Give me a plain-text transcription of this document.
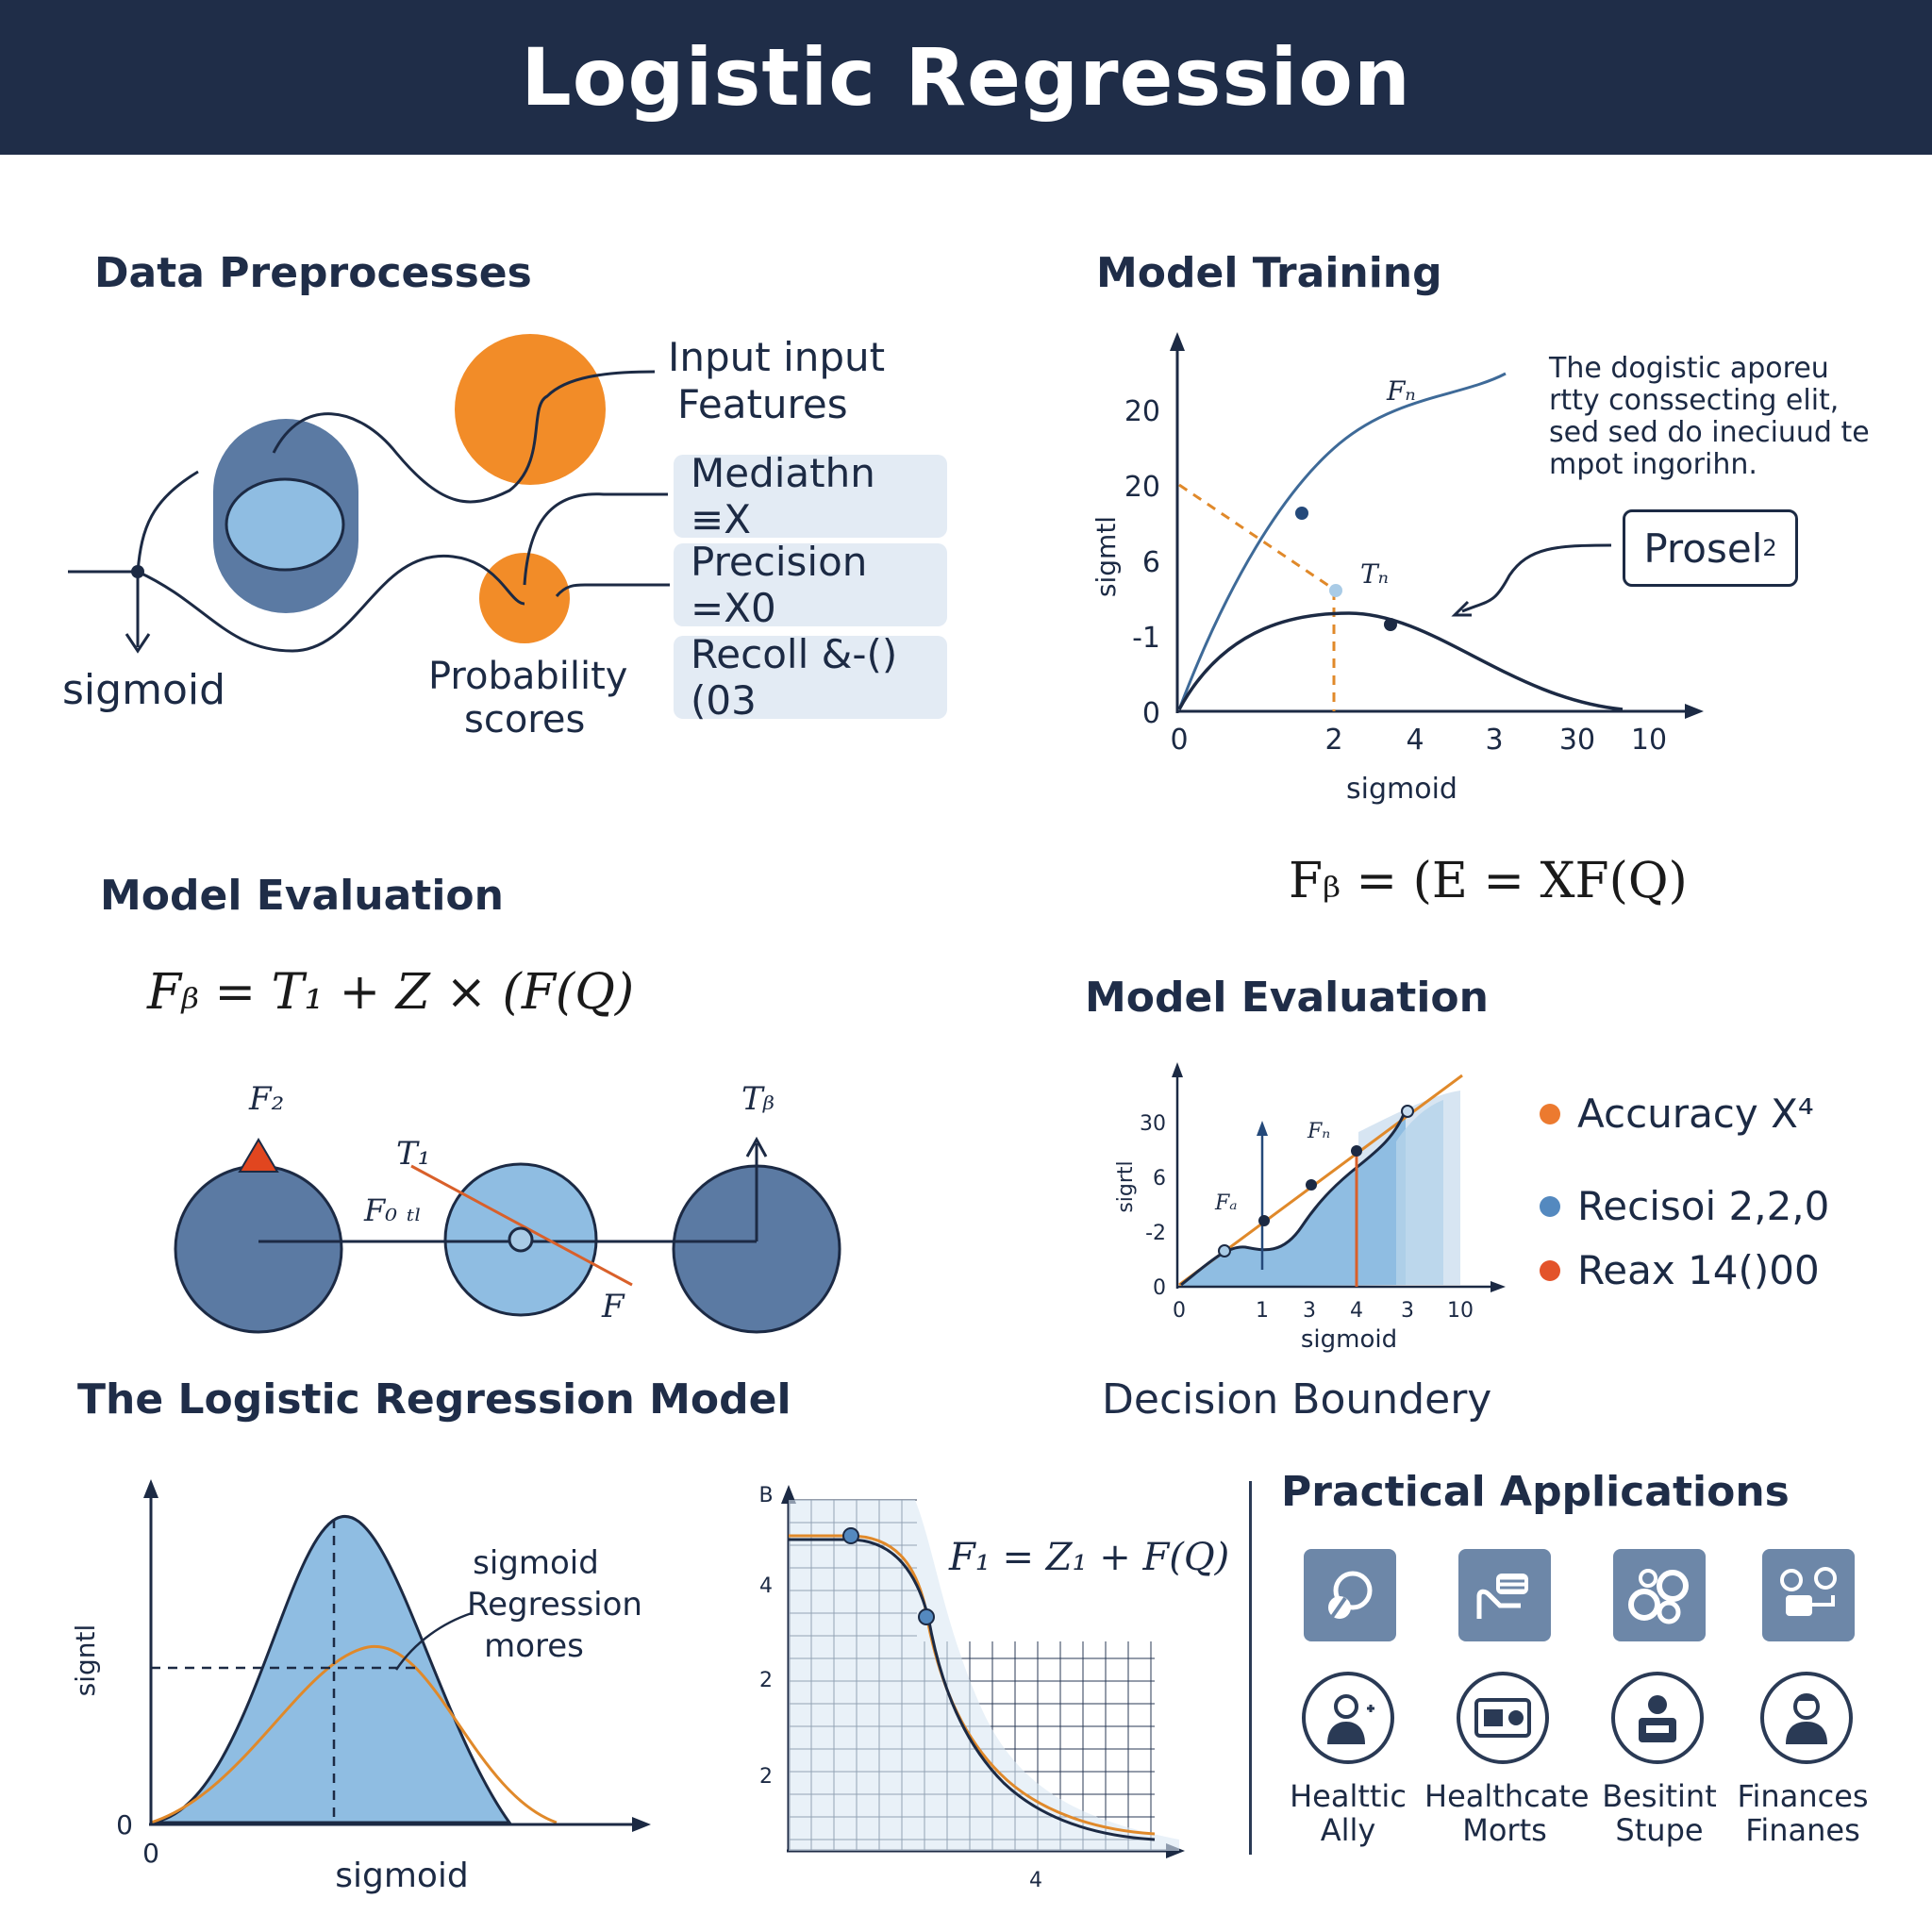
Logistic Regression
Data Preprocesses
Input input
Features
sigmoid	Probability
scores
Mediathn ≡X
Precision =X0
Recoll &-()(03
Model Training
20
20
6
-1
0
0	2 4 3 30 10
sigmoid
sigmtl
Fₙ
Tₙ
The dogistic aporeu rtty conssecting elit, sed sed do ineciuud te mpot ingorihn.
Prosel 2
Fᵦ = (E = XF(Q)
Model Evaluation
Fᵦ = T₁ + Z × (F(Q)
F₂
T₁
F₀ ₜₗ
F
Tᵦ
Model Evaluation
30
6
-2
0
0	1 3 4 3 10
sigmoid
sigrtl
Fₙ
Fₐ
Accuracy X⁴
Recisoi 2,2,0
Reax 14()00
The Logistic Regression Model
signtl
sigmoid
0
0
sigmoid
Regression
mores
Decision Boundery
B
4
2
2
4
F₁ = Z₁ + F(Q)
Practical Applications
Healttic
Ally
Healthcate
Morts
Besitint
Stupe
Finances
Finanes
